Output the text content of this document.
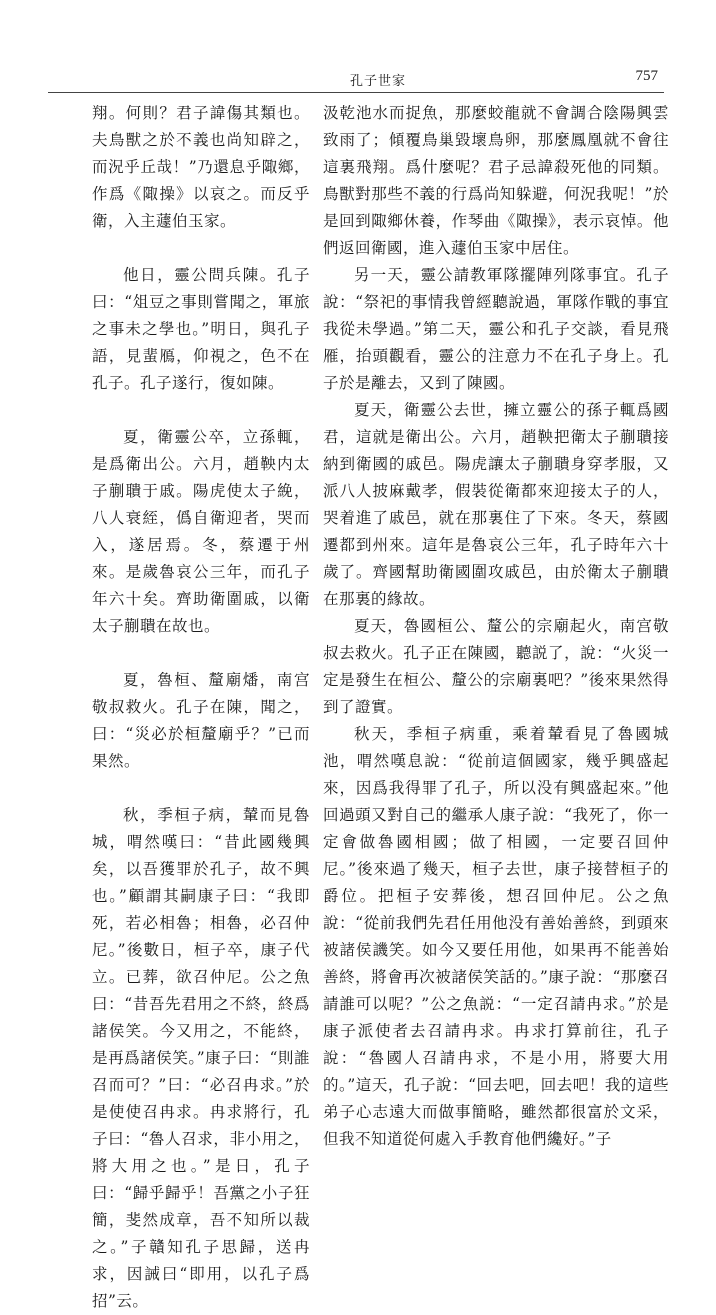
孔子世家	757

翔。何則？君子諱傷其類也。夫鳥獸之於不義也尚知辟之，而況乎丘哉！”乃還息乎陬鄉，作爲《陬操》以哀之。而反乎衛，入主蘧伯玉家。

他日，靈公問兵陳。孔子曰：“俎豆之事則嘗聞之，軍旅之事未之學也。”明日，與孔子語，見蜚鴈，仰視之，色不在孔子。孔子遂行，復如陳。

夏，衛靈公卒，立孫輒，是爲衛出公。六月，趙鞅内太子蒯聵于戚。陽虎使太子絻，八人衰絰，僞自衛迎者，哭而入，遂居焉。冬，蔡遷于州來。是歲魯哀公三年，而孔子年六十矣。齊助衛圍戚，以衛太子蒯聵在故也。

夏，魯桓、釐廟燔，南宫敬叔救火。孔子在陳，聞之，曰：“災必於桓釐廟乎？”已而果然。

秋，季桓子病，輦而見魯城，喟然嘆曰：“昔此國幾興矣，以吾獲罪於孔子，故不興也。”顧謂其嗣康子曰：“我即死，若必相魯；相魯，必召仲尼。”後數日，桓子卒，康子代立。已葬，欲召仲尼。公之魚曰：“昔吾先君用之不終，終爲諸侯笑。今又用之，不能終，是再爲諸侯笑。”康子曰：“則誰召而可？”曰：“必召冉求。”於是使使召冉求。冉求將行，孔子曰：“魯人召求，非小用之，將大用之也。”是日，孔子曰：“歸乎歸乎！吾黨之小子狂簡，斐然成章，吾不知所以裁之。”子贛知孔子思歸，送冉求，因誡曰“即用，以孔子爲招”云。

汲乾池水而捉魚，那麼蛟龍就不會調合陰陽興雲致雨了；傾覆鳥巢毀壞鳥卵，那麼鳳凰就不會往這裏飛翔。爲什麼呢？君子忌諱殺死他的同類。鳥獸對那些不義的行爲尚知躲避，何況我呢！”於是回到陬鄉休養，作琴曲《陬操》，表示哀悼。他們返回衛國，進入蘧伯玉家中居住。

另一天，靈公請教軍隊擺陣列隊事宜。孔子說：“祭祀的事情我曾經聽說過，軍隊作戰的事宜我從未學過。”第二天，靈公和孔子交談，看見飛雁，抬頭觀看，靈公的注意力不在孔子身上。孔子於是離去，又到了陳國。

夏天，衛靈公去世，擁立靈公的孫子輒爲國君，這就是衛出公。六月，趙鞅把衛太子蒯聵接納到衛國的戚邑。陽虎讓太子蒯聵身穿孝服，又派八人披麻戴孝，假裝從衛都來迎接太子的人，哭着進了戚邑，就在那裏住了下來。冬天，蔡國遷都到州來。這年是魯哀公三年，孔子時年六十歲了。齊國幫助衛國圍攻戚邑，由於衛太子蒯聵在那裏的緣故。

夏天，魯國桓公、釐公的宗廟起火，南宫敬叔去救火。孔子正在陳國，聽説了，說：“火災一定是發生在桓公、釐公的宗廟裏吧？”後來果然得到了證實。

秋天，季桓子病重，乘着輦看見了魯國城池，喟然嘆息說：“從前這個國家，幾乎興盛起來，因爲我得罪了孔子，所以没有興盛起來。”他回過頭又對自己的繼承人康子說：“我死了，你一定會做魯國相國；做了相國，一定要召回仲尼。”後來過了幾天，桓子去世，康子接替桓子的爵位。把桓子安葬後，想召回仲尼。公之魚說：“從前我們先君任用他没有善始善終，到頭來被諸侯譏笑。如今又要任用他，如果再不能善始善終，將會再次被諸侯笑話的。”康子說：“那麼召請誰可以呢？”公之魚説：“一定召請冉求。”於是康子派使者去召請冉求。冉求打算前往，孔子說：“魯國人召請冉求，不是小用，將要大用的。”這天，孔子說：“回去吧，回去吧！我的這些弟子心志遠大而做事簡略，雖然都很富於文采，但我不知道從何處入手教育他們纔好。”子
